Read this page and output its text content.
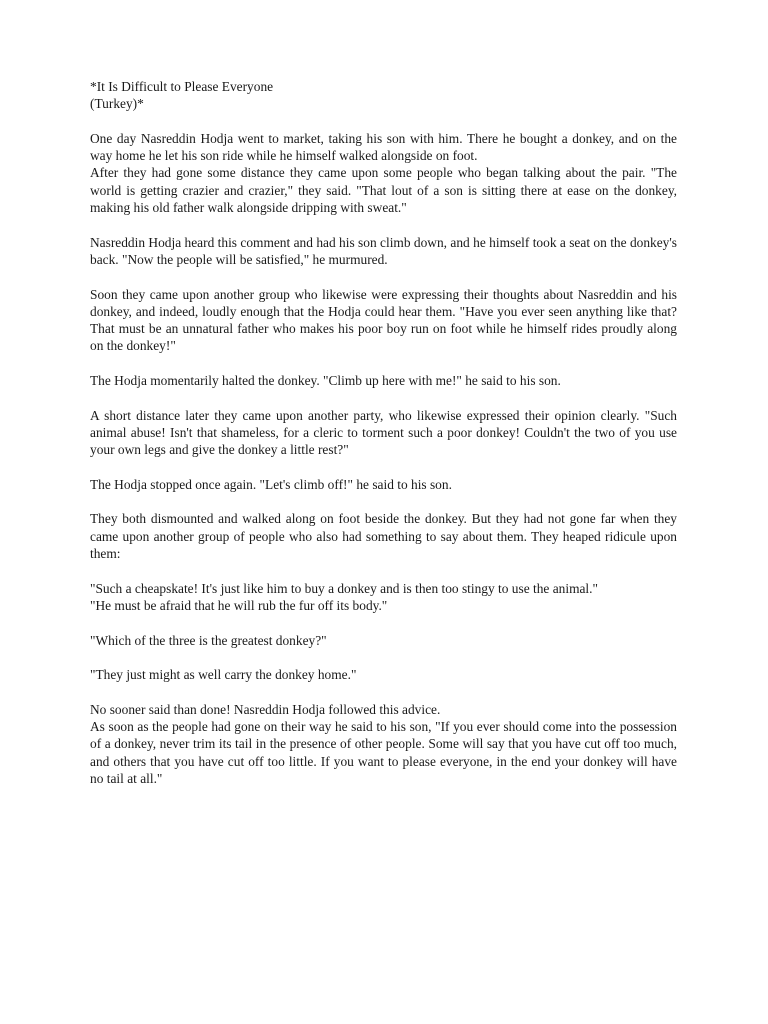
*It Is Difficult to Please Everyone
(Turkey)*
One day Nasreddin Hodja went to market, taking his son with him. There he bought a donkey, and on the way home he let his son ride while he himself walked alongside on foot.
After they had gone some distance they came upon some people who began talking about the pair. "The world is getting crazier and crazier," they said. "That lout of a son is sitting there at ease on the donkey, making his old father walk alongside dripping with sweat."
Nasreddin Hodja heard this comment and had his son climb down, and he himself took a seat on the donkey's back. "Now the people will be satisfied," he murmured.
Soon they came upon another group who likewise were expressing their thoughts about Nasreddin and his donkey, and indeed, loudly enough that the Hodja could hear them. "Have you ever seen anything like that? That must be an unnatural father who makes his poor boy run on foot while he himself rides proudly along on the donkey!"
The Hodja momentarily halted the donkey. "Climb up here with me!" he said to his son.
A short distance later they came upon another party, who likewise expressed their opinion clearly. "Such animal abuse! Isn't that shameless, for a cleric to torment such a poor donkey! Couldn't the two of you use your own legs and give the donkey a little rest?"
The Hodja stopped once again. "Let's climb off!" he said to his son.
They both dismounted and walked along on foot beside the donkey. But they had not gone far when they came upon another group of people who also had something to say about them. They heaped ridicule upon them:
"Such a cheapskate! It's just like him to buy a donkey and is then too stingy to use the animal."
"He must be afraid that he will rub the fur off its body."
"Which of the three is the greatest donkey?"
"They just might as well carry the donkey home."
No sooner said than done! Nasreddin Hodja followed this advice.
As soon as the people had gone on their way he said to his son, "If you ever should come into the possession of a donkey, never trim its tail in the presence of other people. Some will say that you have cut off too much, and others that you have cut off too little. If you want to please everyone, in the end your donkey will have no tail at all."
